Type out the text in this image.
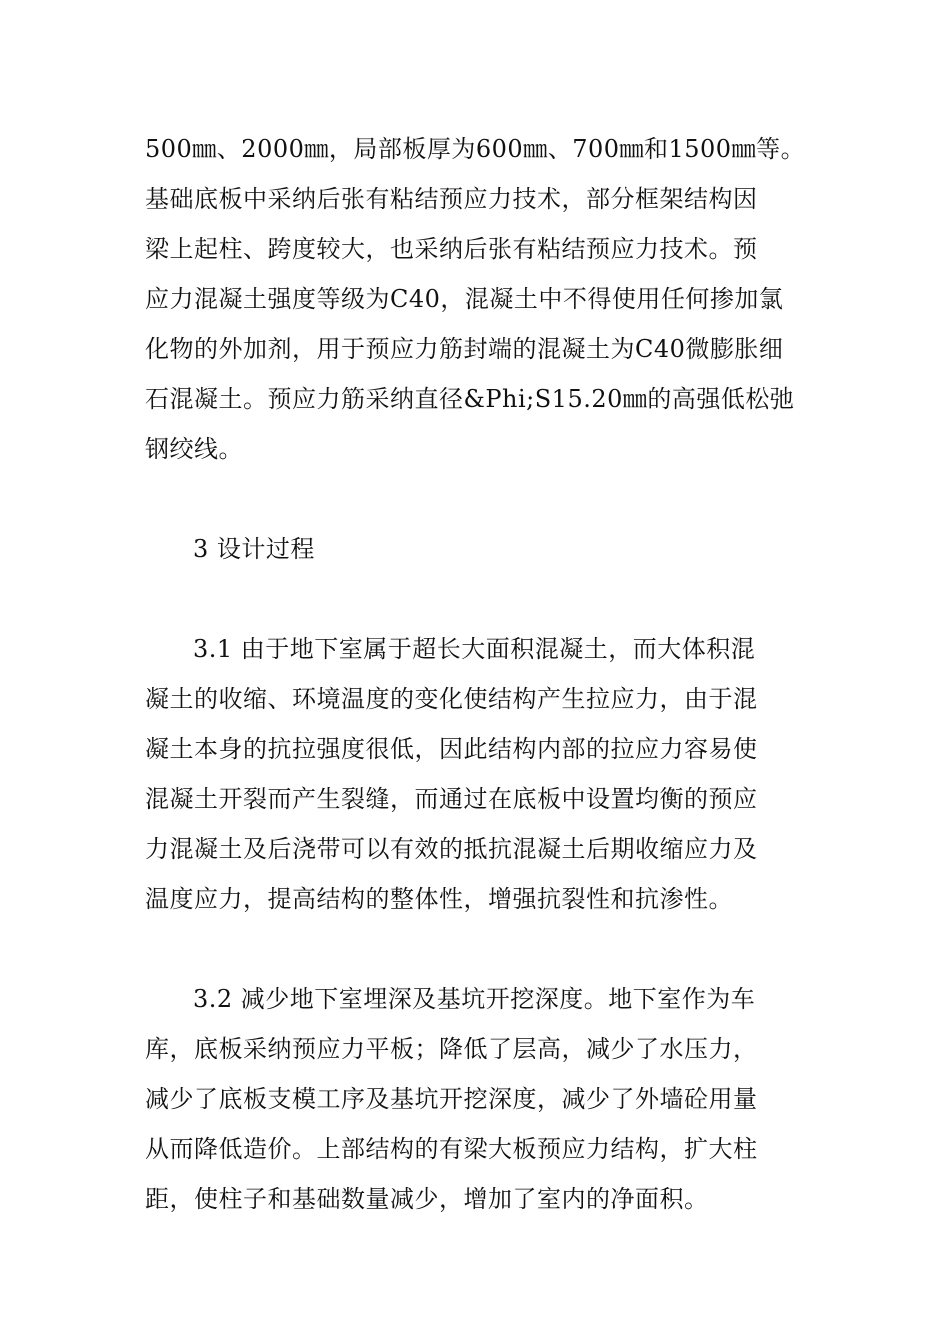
500㎜、2000㎜，局部板厚为600㎜、700㎜和1500㎜等。
基础底板中采纳后张有粘结预应力技术，部分框架结构因
梁上起柱、跨度较大，也采纳后张有粘结预应力技术。预
应力混凝土强度等级为C40，混凝土中不得使用任何掺加氯
化物的外加剂，用于预应力筋封端的混凝土为C40微膨胀细
石混凝土。预应力筋采纳直径&Phi;S15.20㎜的高强低松弛
钢绞线。
3 设计过程
3.1 由于地下室属于超长大面积混凝土，而大体积混
凝土的收缩、环境温度的变化使结构产生拉应力，由于混
凝土本身的抗拉强度很低，因此结构内部的拉应力容易使
混凝土开裂而产生裂缝，而通过在底板中设置均衡的预应
力混凝土及后浇带可以有效的抵抗混凝土后期收缩应力及
温度应力，提高结构的整体性，增强抗裂性和抗渗性。
3.2 减少地下室埋深及基坑开挖深度。地下室作为车
库，底板采纳预应力平板；降低了层高，减少了水压力，
减少了底板支模工序及基坑开挖深度，减少了外墙砼用量
从而降低造价。上部结构的有梁大板预应力结构，扩大柱
距，使柱子和基础数量减少，增加了室内的净面积。
